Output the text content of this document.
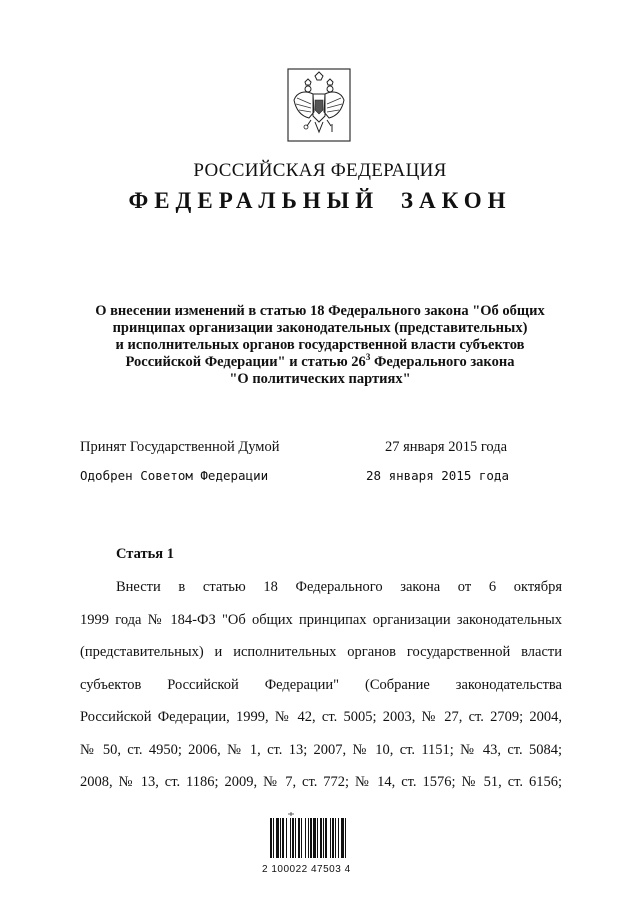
РОССИЙСКАЯ ФЕДЕРАЦИЯ
ФЕДЕРАЛЬНЫЙ ЗАКОН
О внесении изменений в статью 18 Федерального закона "Об общих
принципах организации законодательных (представительных)
и исполнительных органов государственной власти субъектов
Российской Федерации" и статью $26^3$ Федерального закона
"О политических партиях"
Принят Государственной Думой	27 января 2015 года
Одобрен Советом Федерации	28 января 2015 года
Статья 1
Внести в статью 18 Федерального закона от 6 октября
1999 года № 184-ФЗ "Об общих принципах организации законодательных
(представительных) и исполнительных органов государственной власти
субъектов Российской Федерации" (Собрание законодательства
Российской Федерации, 1999, № 42, ст. 5005; 2003, № 27, ст. 2709; 2004,
№ 50, ст. 4950; 2006, № 1, ст. 13; 2007, № 10, ст. 1151; № 43, ст. 5084;
2008, № 13, ст. 1186; 2009, № 7, ст. 772; № 14, ст. 1576; № 51, ст. 6156;
2 100022 47503 4
